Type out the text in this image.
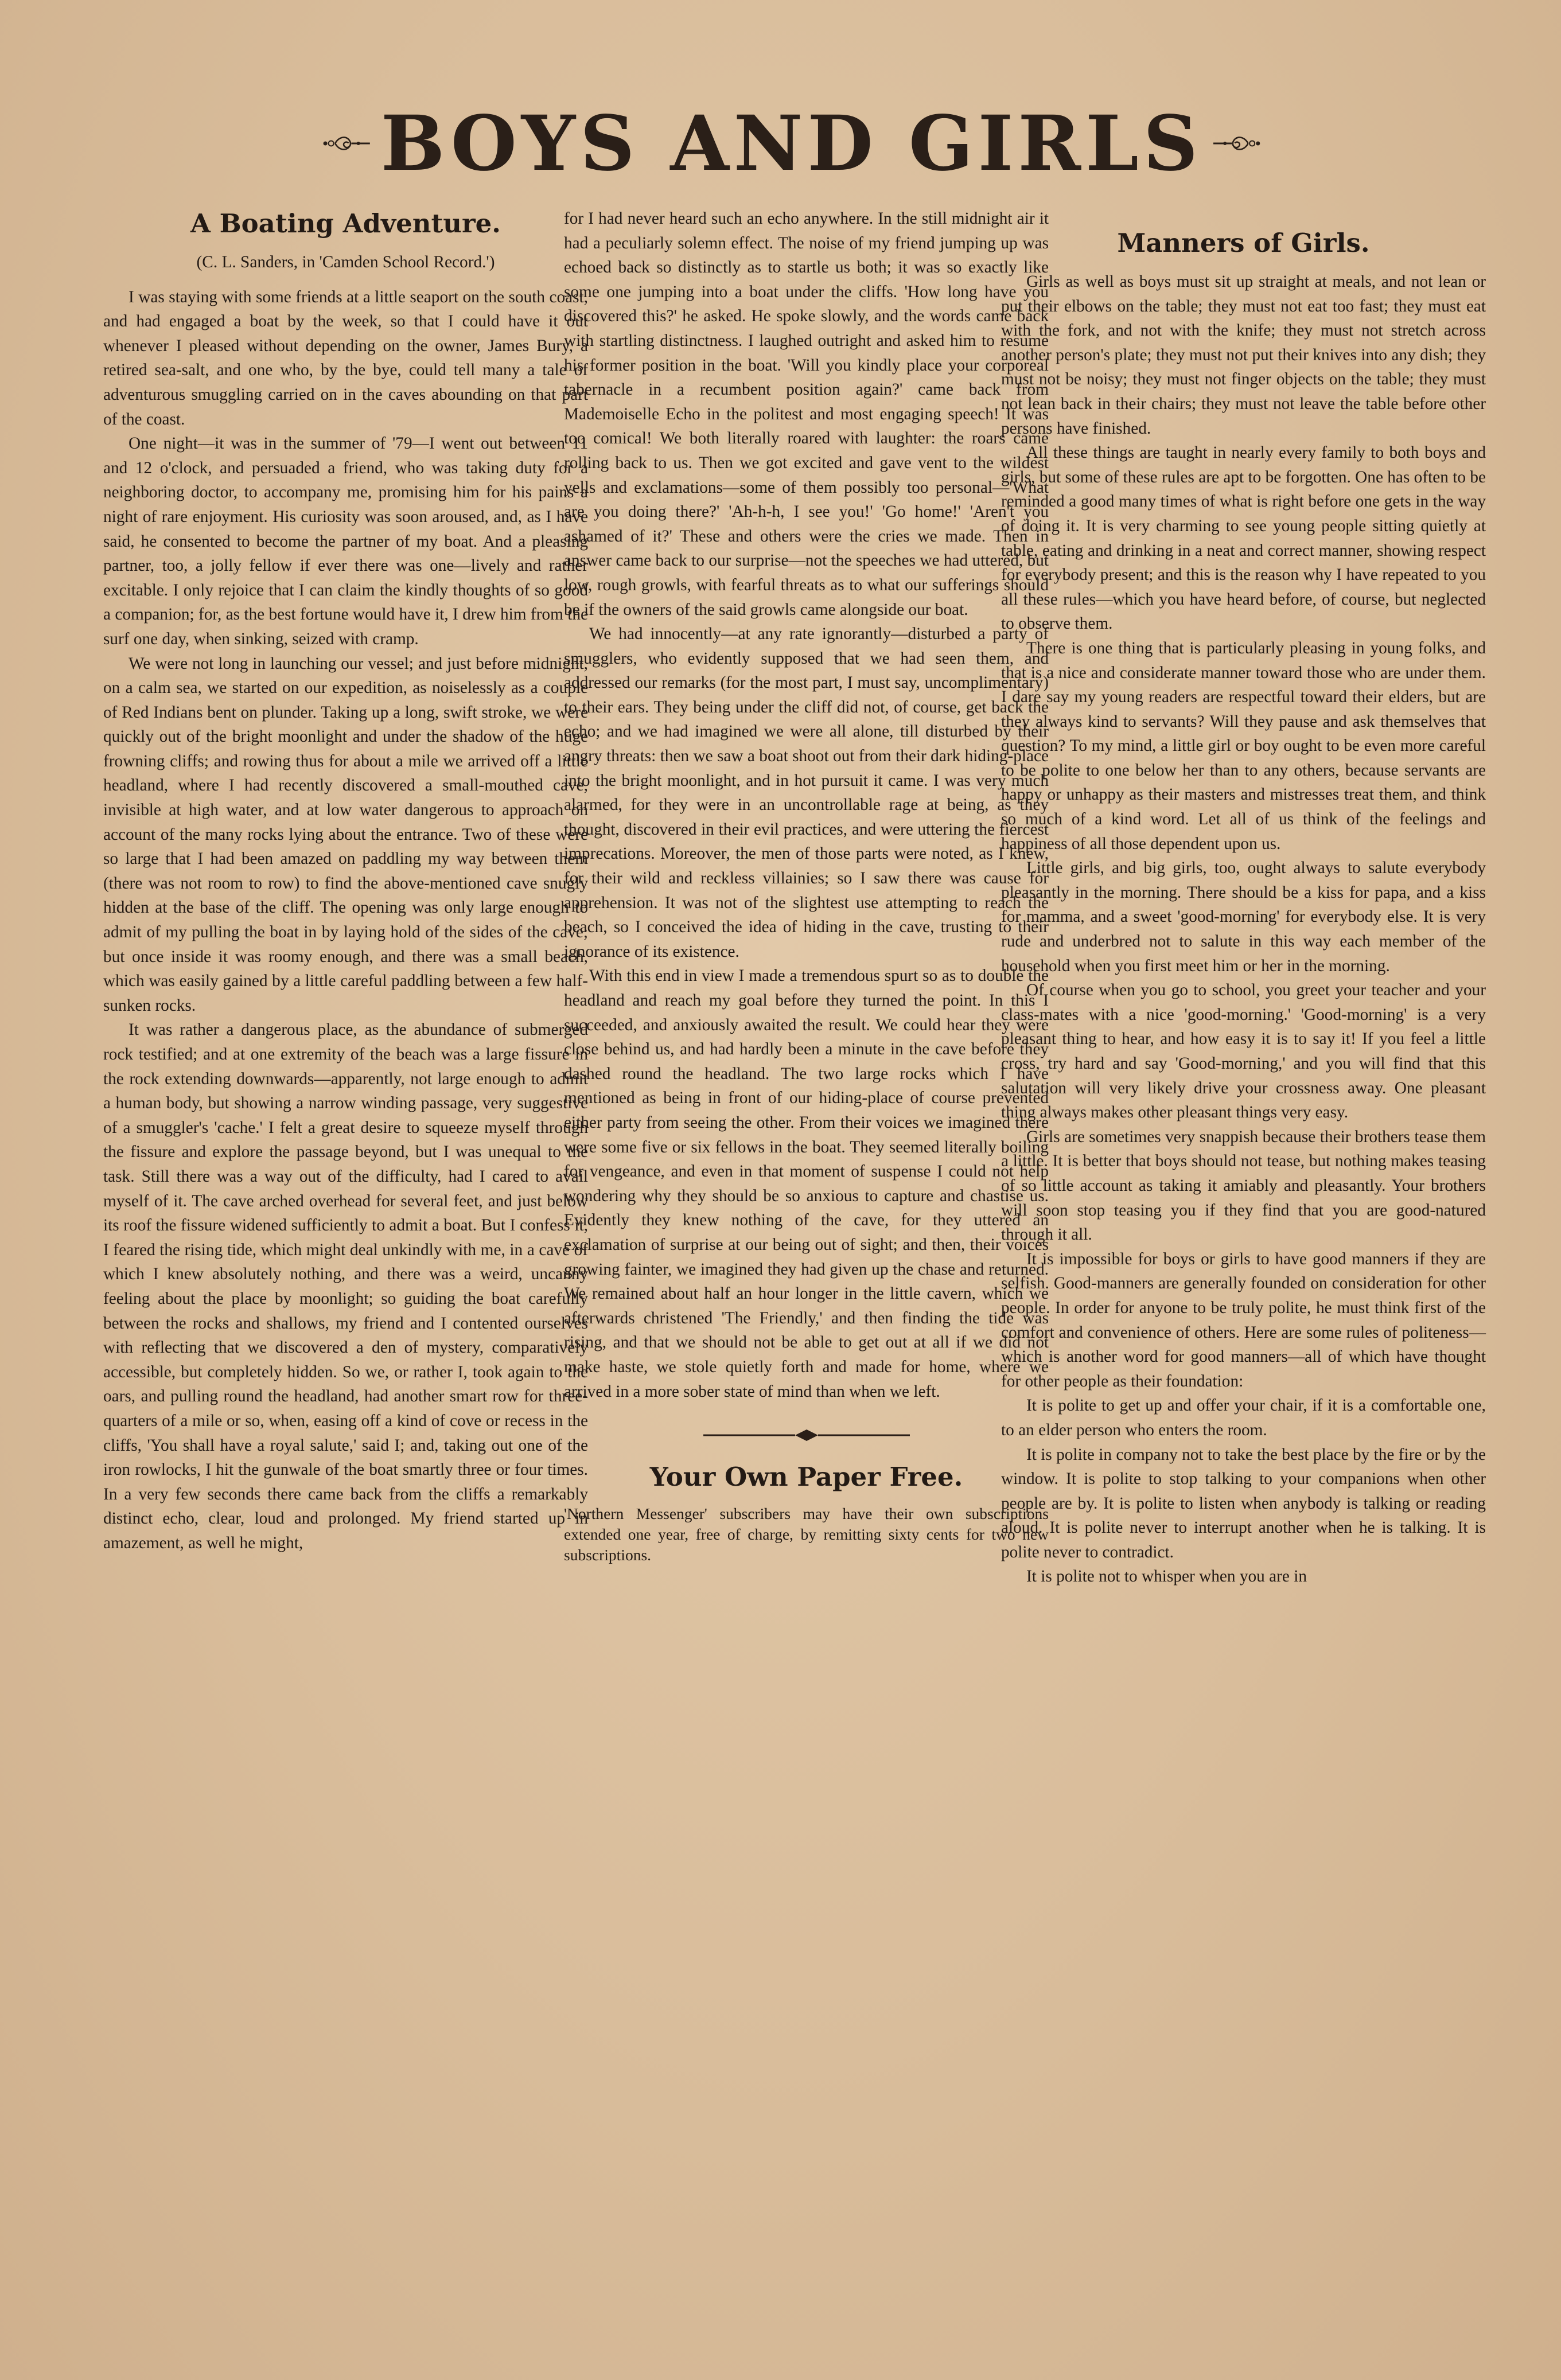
BOYS AND GIRLS
A Boating Adventure.

(C. L. Sanders, in 'Camden School Record.')

I was staying with some friends at a little seaport on the south coast, and had engaged a boat by the week, so that I could have it out whenever I pleased without depending on the owner, James Bury, a retired sea-salt, and one who, by the bye, could tell many a tale of adventurous smuggling carried on in the caves abounding on that part of the coast.

One night—it was in the summer of '79—I went out between 11 and 12 o'clock, and persuaded a friend, who was taking duty for a neighboring doctor, to accompany me, promising him for his pains a night of rare enjoyment. His curiosity was soon aroused, and, as I have said, he consented to become the partner of my boat. And a pleasing partner, too, a jolly fellow if ever there was one—lively and rather excitable. I only rejoice that I can claim the kindly thoughts of so good a companion; for, as the best fortune would have it, I drew him from the surf one day, when sinking, seized with cramp.

We were not long in launching our vessel; and just before midnight, on a calm sea, we started on our expedition, as noiselessly as a couple of Red Indians bent on plunder. Taking up a long, swift stroke, we were quickly out of the bright moonlight and under the shadow of the huge frowning cliffs; and rowing thus for about a mile we arrived off a little headland, where I had recently discovered a small-mouthed cave, invisible at high water, and at low water dangerous to approach on account of the many rocks lying about the entrance. Two of these were so large that I had been amazed on paddling my way between them (there was not room to row) to find the above-mentioned cave snugly hidden at the base of the cliff. The opening was only large enough to admit of my pulling the boat in by laying hold of the sides of the cave; but once inside it was roomy enough, and there was a small beach, which was easily gained by a little careful paddling between a few half-sunken rocks.

It was rather a dangerous place, as the abundance of submerged rock testified; and at one extremity of the beach was a large fissure in the rock extending downwards—apparently, not large enough to admit a human body, but showing a narrow winding passage, very suggestive of a smuggler's 'cache.' I felt a great desire to squeeze myself through the fissure and explore the passage beyond, but I was unequal to the task. Still there was a way out of the difficulty, had I cared to avail myself of it. The cave arched overhead for several feet, and just below its roof the fissure widened sufficiently to admit a boat. But I confess it, I feared the rising tide, which might deal unkindly with me, in a cave of which I knew absolutely nothing, and there was a weird, uncanny feeling about the place by moonlight; so guiding the boat carefully between the rocks and shallows, my friend and I contented ourselves with reflecting that we discovered a den of mystery, comparatively accessible, but completely hidden. So we, or rather I, took again to the oars, and pulling round the headland, had another smart row for three-quarters of a mile or so, when, easing off a kind of cove or recess in the cliffs, 'You shall have a royal salute,' said I; and, taking out one of the iron rowlocks, I hit the gunwale of the boat smartly three or four times. In a very few seconds there came back from the cliffs a remarkably distinct echo, clear, loud and prolonged. My friend started up in amazement, as well he might,

for I had never heard such an echo anywhere. In the still midnight air it had a peculiarly solemn effect. The noise of my friend jumping up was echoed back so distinctly as to startle us both; it was so exactly like some one jumping into a boat under the cliffs. 'How long have you discovered this?' he asked. He spoke slowly, and the words came back with startling distinctness. I laughed outright and asked him to resume his former position in the boat. 'Will you kindly place your corporeal tabernacle in a recumbent position again?' came back from Mademoiselle Echo in the politest and most engaging speech! It was too comical! We both literally roared with laughter: the roars came rolling back to us. Then we got excited and gave vent to the wildest yells and exclamations—some of them possibly too personal—'What are you doing there?' 'Ah-h-h, I see you!' 'Go home!' 'Aren't you ashamed of it?' These and others were the cries we made. Then in answer came back to our surprise—not the speeches we had uttered, but low, rough growls, with fearful threats as to what our sufferings should be if the owners of the said growls came alongside our boat.

We had innocently—at any rate ignorantly—disturbed a party of smugglers, who evidently supposed that we had seen them, and addressed our remarks (for the most part, I must say, uncomplimentary) to their ears. They being under the cliff did not, of course, get back the echo; and we had imagined we were all alone, till disturbed by their angry threats: then we saw a boat shoot out from their dark hiding-place into the bright moonlight, and in hot pursuit it came. I was very much alarmed, for they were in an uncontrollable rage at being, as they thought, discovered in their evil practices, and were uttering the fiercest imprecations. Moreover, the men of those parts were noted, as I knew, for their wild and reckless villainies; so I saw there was cause for apprehension. It was not of the slightest use attempting to reach the beach, so I conceived the idea of hiding in the cave, trusting to their ignorance of its existence.

With this end in view I made a tremendous spurt so as to double the headland and reach my goal before they turned the point. In this I succeeded, and anxiously awaited the result. We could hear they were close behind us, and had hardly been a minute in the cave before they dashed round the headland. The two large rocks which I have mentioned as being in front of our hiding-place of course prevented either party from seeing the other. From their voices we imagined there were some five or six fellows in the boat. They seemed literally boiling for vengeance, and even in that moment of suspense I could not help wondering why they should be so anxious to capture and chastise us. Evidently they knew nothing of the cave, for they uttered an exclamation of surprise at our being out of sight; and then, their voices growing fainter, we imagined they had given up the chase and returned. We remained about half an hour longer in the little cavern, which we afterwards christened 'The Friendly,' and then finding the tide was rising, and that we should not be able to get out at all if we did not make haste, we stole quietly forth and made for home, where we arrived in a more sober state of mind than when we left.

Your Own Paper Free.

'Northern Messenger' subscribers may have their own subscriptions extended one year, free of charge, by remitting sixty cents for two new subscriptions.

Manners of Girls.

Girls as well as boys must sit up straight at meals, and not lean or put their elbows on the table; they must not eat too fast; they must eat with the fork, and not with the knife; they must not stretch across another person's plate; they must not put their knives into any dish; they must not be noisy; they must not finger objects on the table; they must not lean back in their chairs; they must not leave the table before other persons have finished.

All these things are taught in nearly every family to both boys and girls, but some of these rules are apt to be forgotten. One has often to be reminded a good many times of what is right before one gets in the way of doing it. It is very charming to see young people sitting quietly at table, eating and drinking in a neat and correct manner, showing respect for everybody present; and this is the reason why I have repeated to you all these rules—which you have heard before, of course, but neglected to observe them.

There is one thing that is particularly pleasing in young folks, and that is a nice and considerate manner toward those who are under them. I dare say my young readers are respectful toward their elders, but are they always kind to servants? Will they pause and ask themselves that question? To my mind, a little girl or boy ought to be even more careful to be polite to one below her than to any others, because servants are happy or unhappy as their masters and mistresses treat them, and think so much of a kind word. Let all of us think of the feelings and happiness of all those dependent upon us.

Little girls, and big girls, too, ought always to salute everybody pleasantly in the morning. There should be a kiss for papa, and a kiss for mamma, and a sweet 'good-morning' for everybody else. It is very rude and underbred not to salute in this way each member of the household when you first meet him or her in the morning.

Of course when you go to school, you greet your teacher and your class-mates with a nice 'good-morning.' 'Good-morning' is a very pleasant thing to hear, and how easy it is to say it! If you feel a little cross, try hard and say 'Good-morning,' and you will find that this salutation will very likely drive your crossness away. One pleasant thing always makes other pleasant things very easy.

Girls are sometimes very snappish because their brothers tease them a little. It is better that boys should not tease, but nothing makes teasing of so little account as taking it amiably and pleasantly. Your brothers will soon stop teasing you if they find that you are good-natured through it all.

It is impossible for boys or girls to have good manners if they are selfish. Good-manners are generally founded on consideration for other people. In order for anyone to be truly polite, he must think first of the comfort and convenience of others. Here are some rules of politeness—which is another word for good manners—all of which have thought for other people as their foundation:

It is polite to get up and offer your chair, if it is a comfortable one, to an elder person who enters the room.

It is polite in company not to take the best place by the fire or by the window. It is polite to stop talking to your companions when other people are by. It is polite to listen when anybody is talking or reading aloud. It is polite never to interrupt another when he is talking. It is polite never to contradict.

It is polite not to whisper when you are in
